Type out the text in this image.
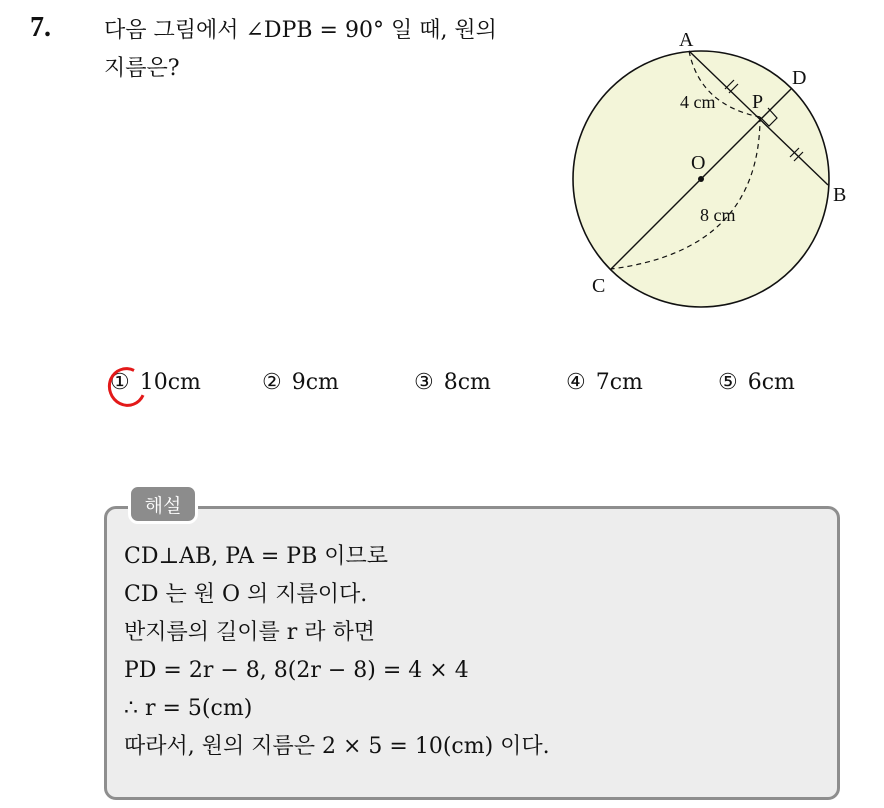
7. 다음 그림에서 ∠DPB = 90° 일 때, 원의
지름은?
A
D
P
O
B
C
4 cm
8 cm
① 10cm	② 9cm	③ 8cm	④ 7cm	⑤ 6cm
해설
CD⊥AB, PA = PB 이므로
CD 는 원 O 의 지름이다.
반지름의 길이를 r 라 하면
PD = 2r − 8, 8(2r − 8) = 4 × 4
∴ r = 5(cm)
따라서, 원의 지름은 2 × 5 = 10(cm) 이다.
